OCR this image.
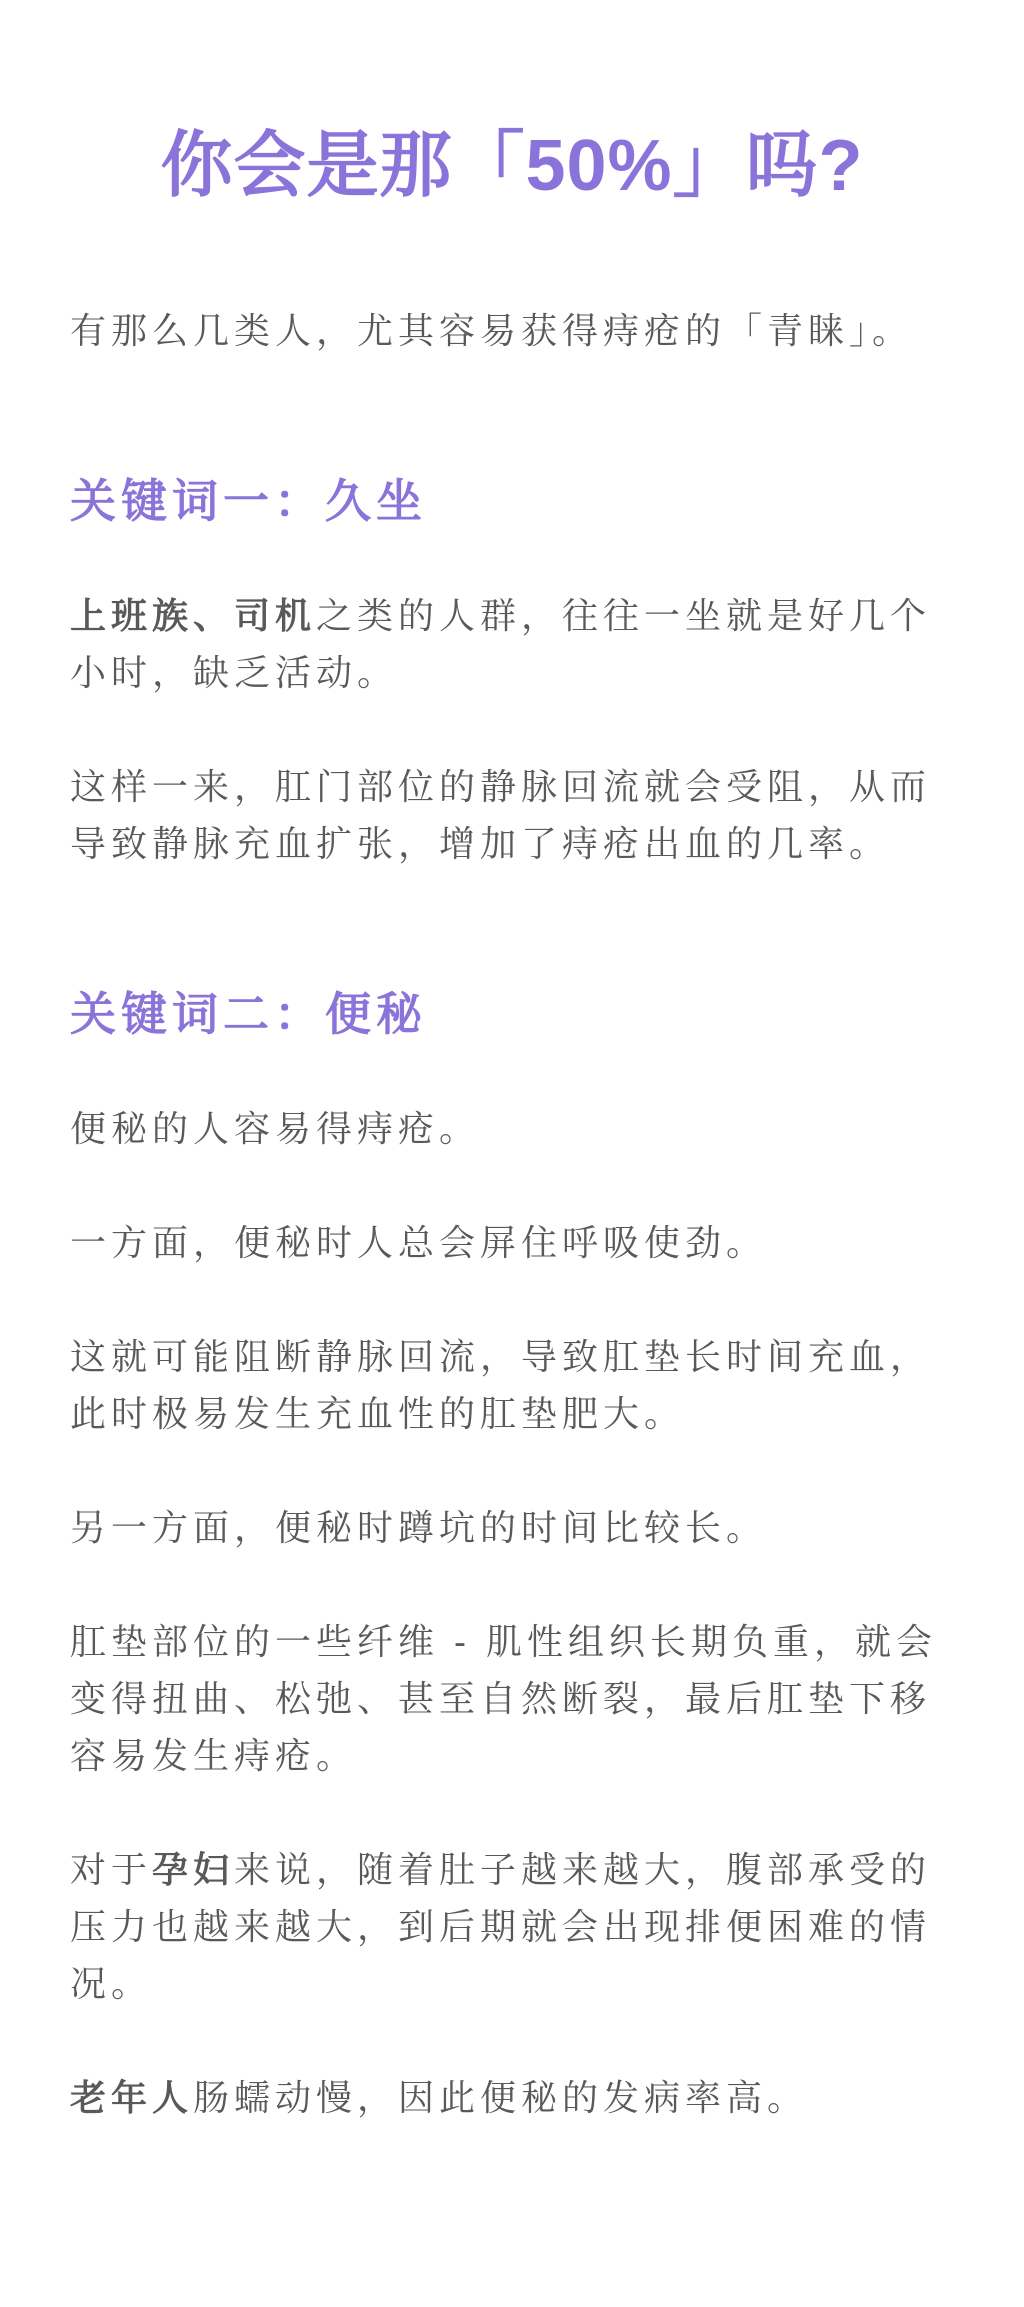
你会是那「50%」吗?

有那么几类人，尤其容易获得痔疮的「青睐」。

关键词一：久坐

上班族、司机之类的人群，往往一坐就是好几个小时，缺乏活动。

这样一来，肛门部位的静脉回流就会受阻，从而导致静脉充血扩张，增加了痔疮出血的几率。

关键词二：便秘

便秘的人容易得痔疮。

一方面，便秘时人总会屏住呼吸使劲。

这就可能阻断静脉回流，导致肛垫长时间充血，此时极易发生充血性的肛垫肥大。

另一方面，便秘时蹲坑的时间比较长。

肛垫部位的一些纤维 - 肌性组织长期负重，就会变得扭曲、松弛、甚至自然断裂，最后肛垫下移容易发生痔疮。

对于孕妇来说，随着肚子越来越大，腹部承受的压力也越来越大，到后期就会出现排便困难的情况。

老年人肠蠕动慢，因此便秘的发病率高。
